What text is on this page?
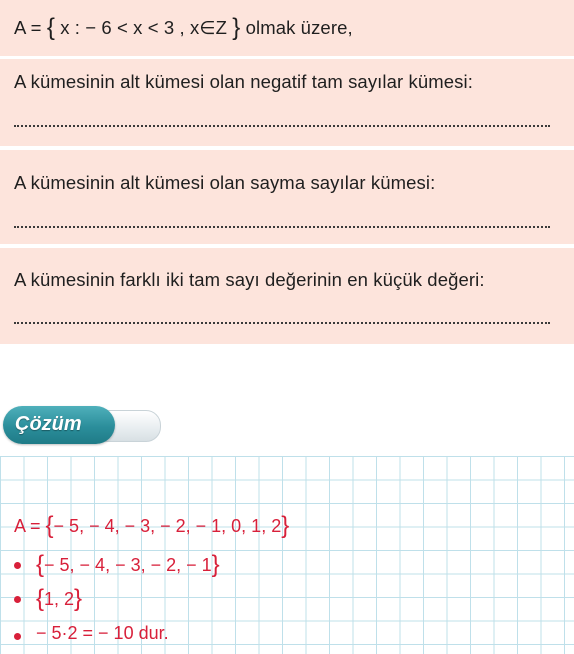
A = { x : − 6 < x < 3 , x∈Z } olmak üzere,
A kümesinin alt kümesi olan negatif tam sayılar kümesi:
A kümesinin alt kümesi olan sayma sayılar kümesi:
A kümesinin farklı iki tam sayı değerinin en küçük değeri:
Çözüm
A = {− 5, − 4, − 3, − 2, − 1, 0, 1, 2}
{− 5, − 4, − 3, − 2, − 1}
{1, 2}
− 5·2 = − 10 dur.
